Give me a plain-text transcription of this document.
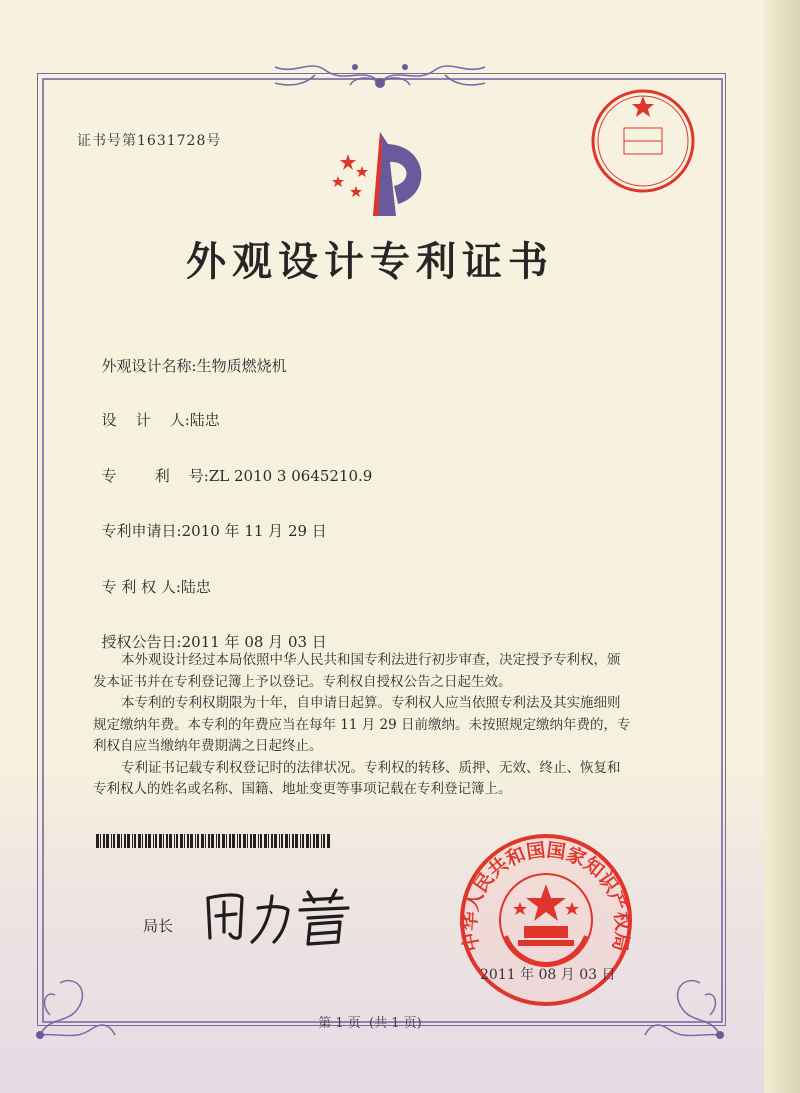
证书号第1631728号
外观设计专利证书

外观设计名称:生物质燃烧机

设    计    人:陆忠

专        利    号:ZL 2010 3 0645210.9

专利申请日:2010 年 11 月 29 日

专 利 权 人:陆忠

授权公告日:2011 年 08 月 03 日

本外观设计经过本局依照中华人民共和国专利法进行初步审查，决定授予专利权，颁
发本证书并在专利登记簿上予以登记。专利权自授权公告之日起生效。

本专利的专利权期限为十年，自申请日起算。专利权人应当依照专利法及其实施细则
规定缴纳年费。本专利的年费应当在每年 11 月 29 日前缴纳。未按照规定缴纳年费的，专
利权自应当缴纳年费期满之日起终止。

专利证书记载专利权登记时的法律状况。专利权的转移、质押、无效、终止、恢复和
专利权人的姓名或名称、国籍、地址变更等事项记载在专利登记簿上。

局长
中华人民共和国国家知识产权局
2011 年 08 月 03 日
第 1 页  (共 1 页)
